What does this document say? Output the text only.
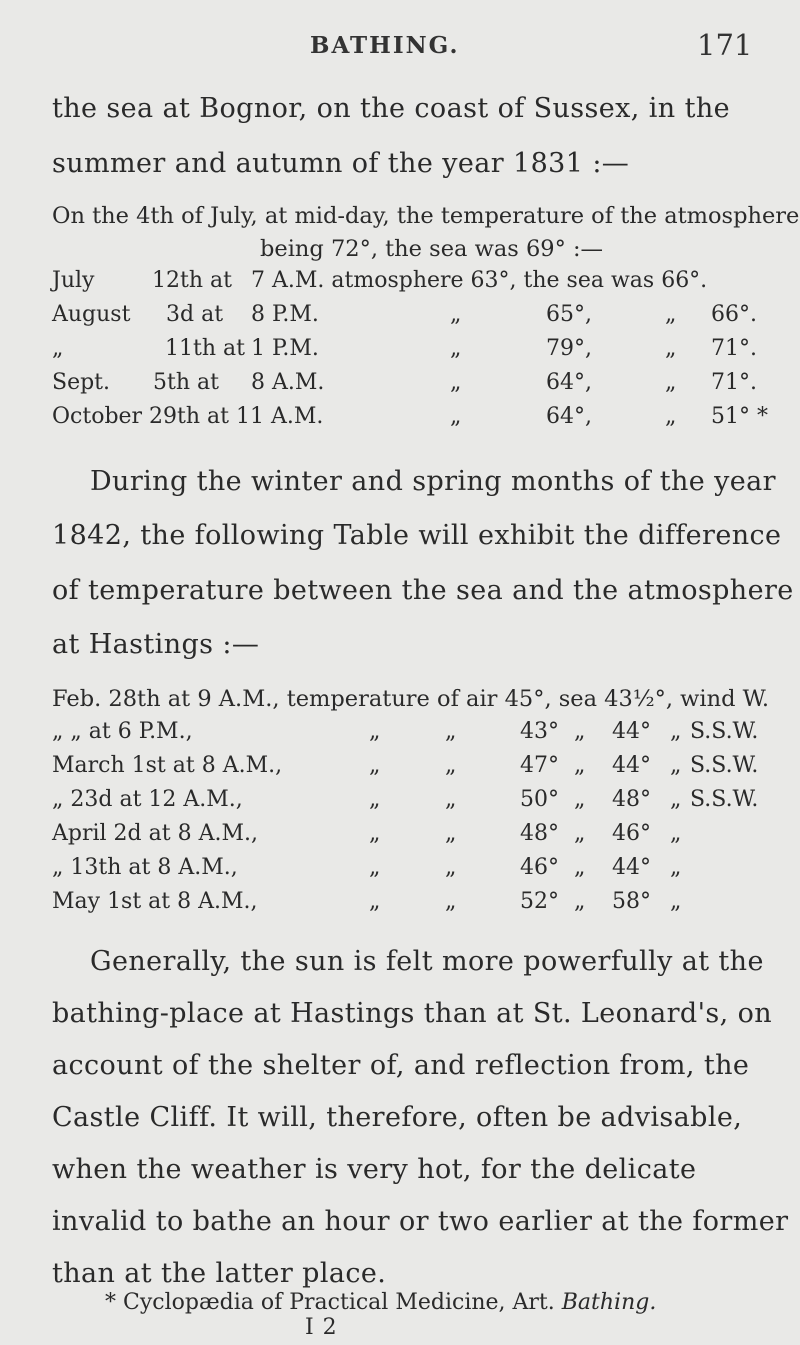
BATHING.	171
the sea at Bognor, on the coast of Sussex, in the
summer and autumn of the year 1831 :—
On the 4th of July, at mid-day, the temperature of the atmosphere
being 72°, the sea was 69° :—
July	12th at 7 A.M. atmosphere 63°, the sea was 66°.
August 3d at 8 P.M.	„	65°,	„ 66°.
„	11th at 1 P.M.	„	79°,	„ 71°.
Sept. 5th at 8 A.M.	„	64°,	„ 71°.
October 29th at 11 A.M.	„	64°,	„ 51° *
During the winter and spring months of the year
1842, the following Table will exhibit the difference
of temperature between the sea and the atmosphere
at Hastings :—
Feb. 28th at 9 A.M., temperature of air 45°, sea 43½°, wind W.
„ „ at 6 P.M.,	„	„	43° „ 44° „ S.S.W.
March 1st at 8 A.M.,	„	„	47° „ 44° „ S.S.W.
„ 23d at 12 A.M.,	„	„	50° „ 48° „ S.S.W.
April 2d at 8 A.M.,	„	„	48° „ 46° „
„ 13th at 8 A.M.,	„	„	46° „ 44° „
May 1st at 8 A.M.,	„	„	52° „ 58° „
Generally, the sun is felt more powerfully at the
bathing-place at Hastings than at St. Leonard's, on
account of the shelter of, and reflection from, the
Castle Cliff. It will, therefore, often be advisable,
when the weather is very hot, for the delicate
invalid to bathe an hour or two earlier at the former
than at the latter place.
* Cyclopædia of Practical Medicine, Art. Bathing.
I 2
